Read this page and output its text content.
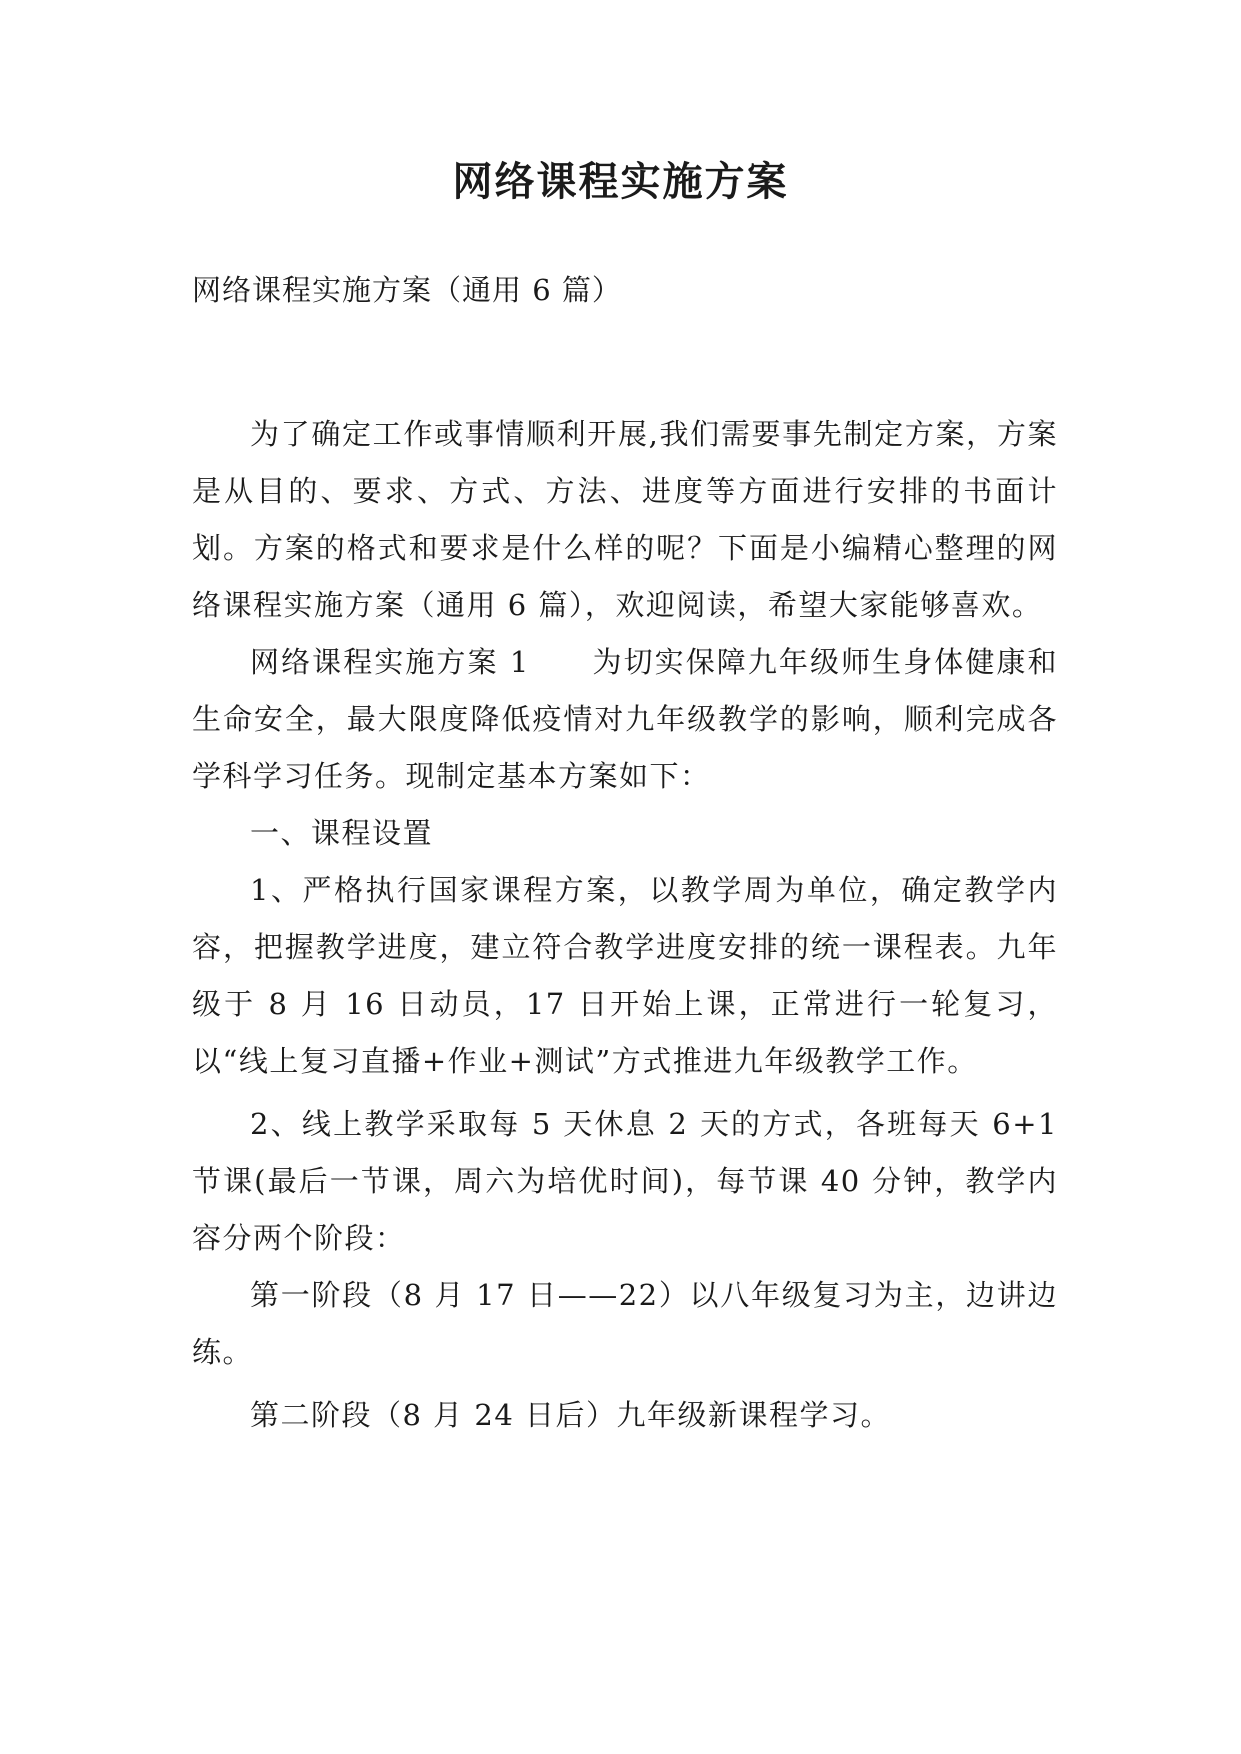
网络课程实施方案

网络课程实施方案（通用 6 篇）

为了确定工作或事情顺利开展,我们需要事先制定方案，方案是从目的、要求、方式、方法、进度等方面进行安排的书面计划。方案的格式和要求是什么样的呢？下面是小编精心整理的网络课程实施方案（通用 6 篇），欢迎阅读，希望大家能够喜欢。

网络课程实施方案 1　　为切实保障九年级师生身体健康和生命安全，最大限度降低疫情对九年级教学的影响，顺利完成各学科学习任务。现制定基本方案如下：

一、课程设置

1、严格执行国家课程方案，以教学周为单位，确定教学内容，把握教学进度，建立符合教学进度安排的统一课程表。九年级于 8 月 16 日动员，17 日开始上课，正常进行一轮复习，以“线上复习直播+作业+测试”方式推进九年级教学工作。

2、线上教学采取每 5 天休息 2 天的方式，各班每天 6+1 节课(最后一节课，周六为培优时间)，每节课 40 分钟，教学内容分两个阶段：

第一阶段（8 月 17 日——22）以八年级复习为主，边讲边练。

第二阶段（8 月 24 日后）九年级新课程学习。
